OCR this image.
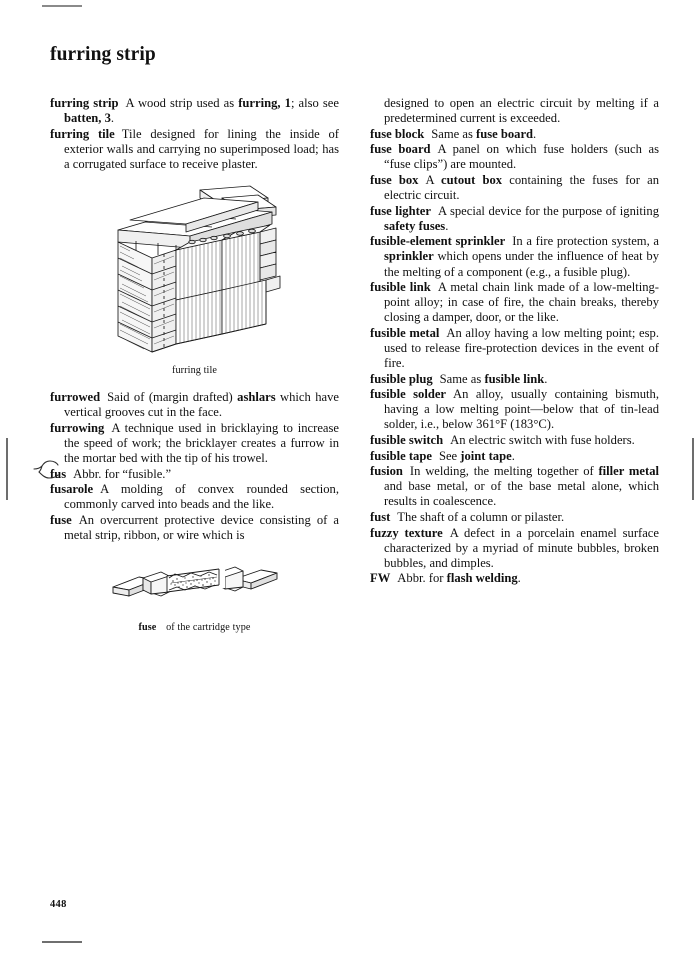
furring strip
furring strip A wood strip used as furring, 1; also see batten, 3.
furring tile Tile designed for lining the inside of exterior walls and carrying no superimposed load; has a corrugated surface to receive plaster.
furring tile
furrowed Said of (margin drafted) ashlars which have vertical grooves cut in the face.
furrowing A technique used in bricklaying to increase the speed of work; the bricklayer creates a furrow in the mortar bed with the tip of his trowel.
fus Abbr. for “fusible.”
fusarole A molding of convex rounded section, commonly carved into beads and the like.
fuse An overcurrent protective device consisting of a metal strip, ribbon, or wire which is
fuse of the cartridge type
designed to open an electric circuit by melting if a predetermined current is exceeded.
fuse block Same as fuse board.
fuse board A panel on which fuse holders (such as “fuse clips”) are mounted.
fuse box A cutout box containing the fuses for an electric circuit.
fuse lighter A special device for the purpose of igniting safety fuses.
fusible-element sprinkler In a fire protection system, a sprinkler which opens under the influence of heat by the melting of a component (e.g., a fusible plug).
fusible link A metal chain link made of a low-melting-point alloy; in case of fire, the chain breaks, thereby closing a damper, door, or the like.
fusible metal An alloy having a low melting point; esp. used to release fire-protection devices in the event of fire.
fusible plug Same as fusible link.
fusible solder An alloy, usually containing bismuth, having a low melting point—below that of tin-lead solder, i.e., below 361°F (183°C).
fusible switch An electric switch with fuse holders.
fusible tape See joint tape.
fusion In welding, the melting together of filler metal and base metal, or of the base metal alone, which results in coalescence.
fust The shaft of a column or pilaster.
fuzzy texture A defect in a porcelain enamel surface characterized by a myriad of minute bubbles, broken bubbles, and dimples.
FW Abbr. for flash welding.
448
